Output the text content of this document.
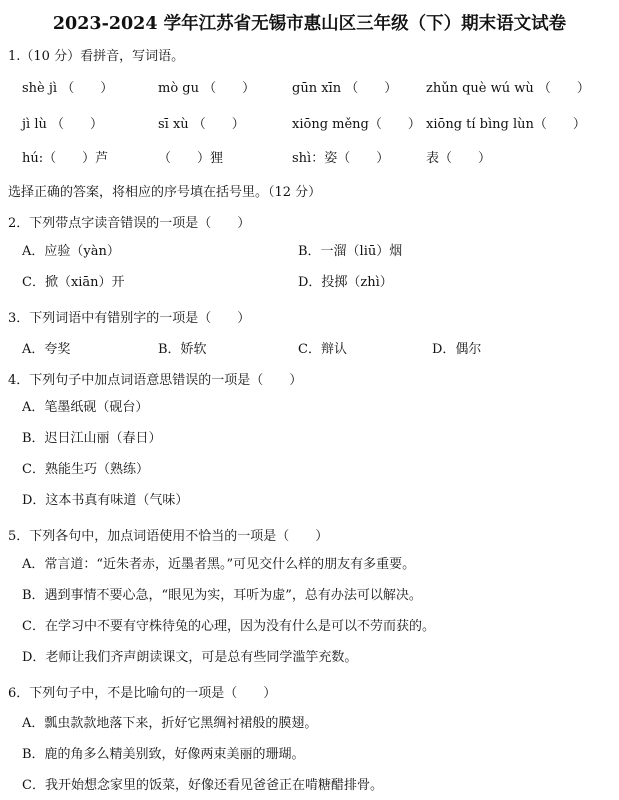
2023-2024 学年江苏省无锡市惠山区三年级（下）期末语文试卷
1.（10 分）看拼音，写词语。
shè jì （　　）	mò gu （　　）	gūn xīn （　　） zhǔn què wú wù （　　）
jì lù （　　）	sī xù （　　）	xiōng měng（　　） xiōng tí bìng lùn（　　）
hú:（　　）芦	（　　）狸	shì：姿（　　）	表（　　）
选择正确的答案，将相应的序号填在括号里。（12 分）
2．下列带点字读音错误的一项是（　　）
A．应验（yàn）	B．一溜（liū）烟
C．掀（xiān）开	D．投掷（zhì）
3．下列词语中有错别字的一项是（　　）
A．夸奖	B．娇软	C．辩认	D．偶尔
4．下列句子中加点词语意思错误的一项是（　　）
A．笔墨纸砚（砚台）
B．迟日江山丽（春日）
C．熟能生巧（熟练）
D．这本书真有味道（气味）
5．下列各句中，加点词语使用不恰当的一项是（　　）
A．常言道：“近朱者赤，近墨者黑。”可见交什么样的朋友有多重要。
B．遇到事情不要心急，“眼见为实，耳听为虚”，总有办法可以解决。
C．在学习中不要有守株待兔的心理，因为没有什么是可以不劳而获的。
D．老师让我们齐声朗读课文，可是总有些同学滥竽充数。
6．下列句子中，不是比喻句的一项是（　　）
A．瓢虫款款地落下来，折好它黑绸衬裙般的膜翅。
B．鹿的角多么精美别致，好像两束美丽的珊瑚。
C．我开始想念家里的饭菜，好像还看见爸爸正在啃糖醋排骨。
